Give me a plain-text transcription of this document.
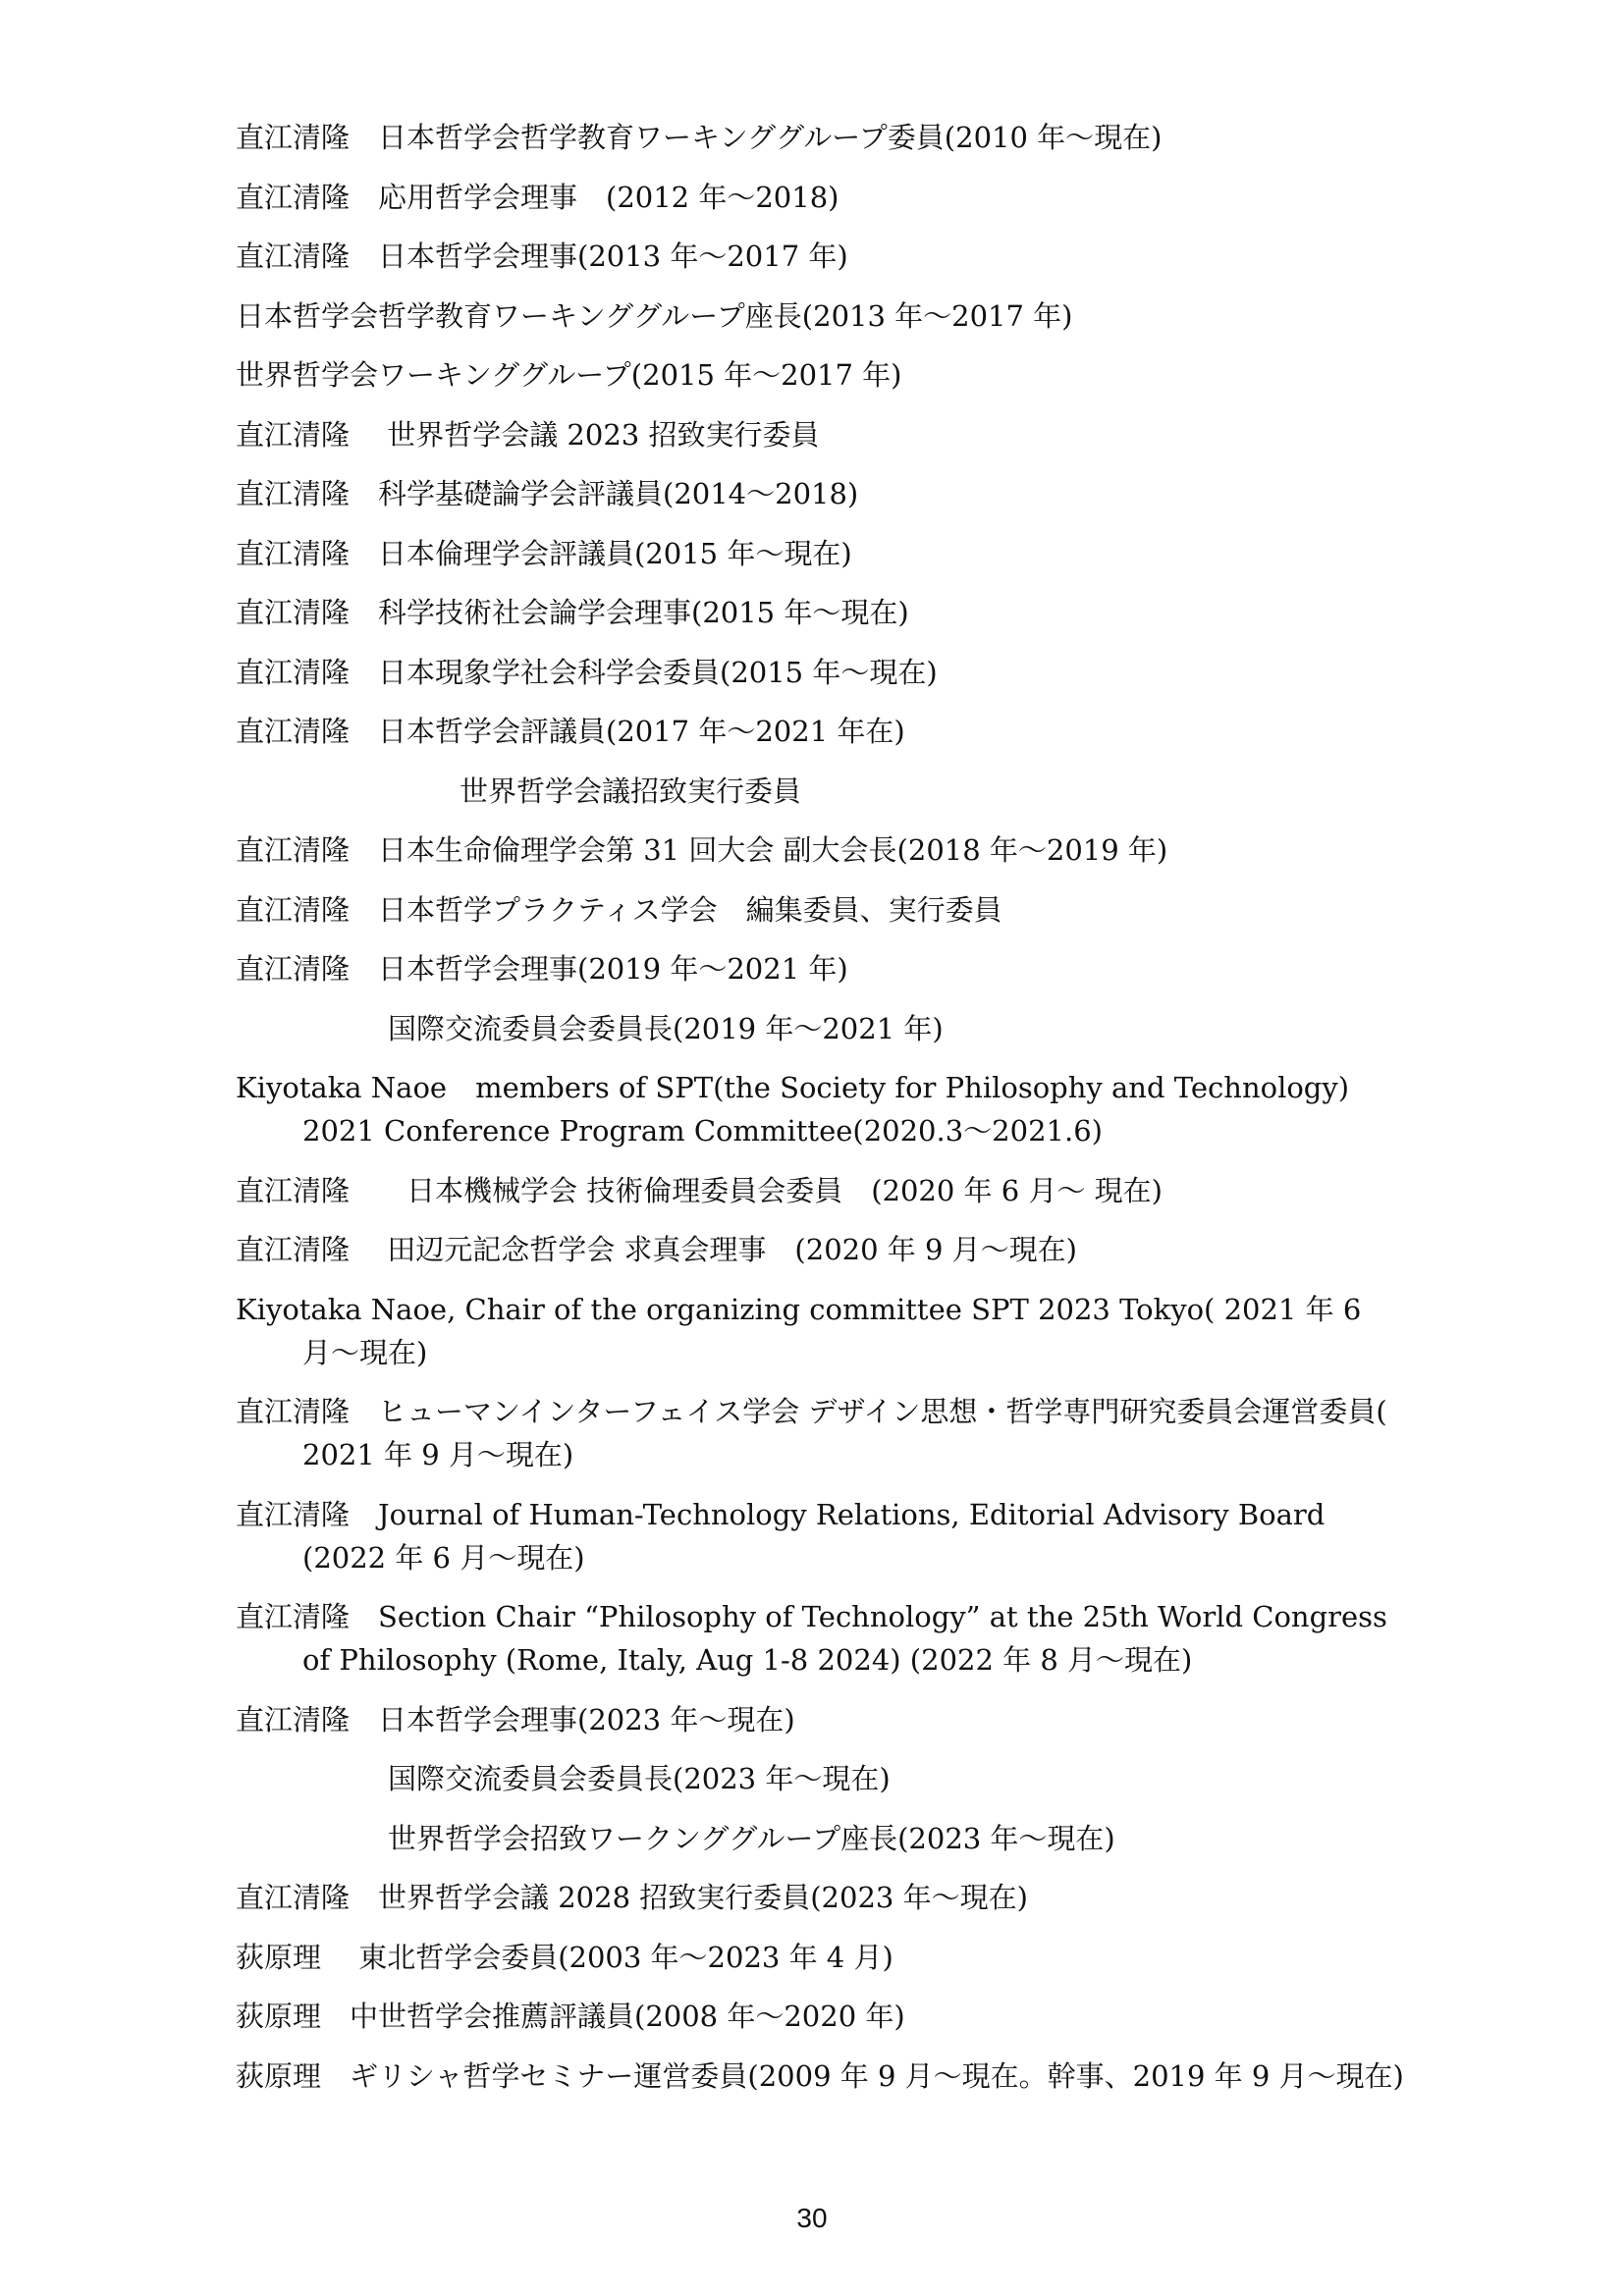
直江清隆　日本哲学会哲学教育ワーキンググループ委員(2010 年〜現在)
直江清隆　応用哲学会理事　(2012 年〜2018)
直江清隆　日本哲学会理事(2013 年〜2017 年)
日本哲学会哲学教育ワーキンググループ座長(2013 年〜2017 年)
世界哲学会ワーキンググループ(2015 年〜2017 年)
直江清隆　 世界哲学会議 2023 招致実行委員
直江清隆　科学基礎論学会評議員(2014〜2018)
直江清隆　日本倫理学会評議員(2015 年〜現在)
直江清隆　科学技術社会論学会理事(2015 年〜現在)
直江清隆　日本現象学社会科学会委員(2015 年〜現在)
直江清隆　日本哲学会評議員(2017 年〜2021 年在)
世界哲学会議招致実行委員
直江清隆　日本生命倫理学会第 31 回大会 副大会長(2018 年〜2019 年)
直江清隆　日本哲学プラクティス学会　編集委員、実行委員
直江清隆　日本哲学会理事(2019 年〜2021 年)
国際交流委員会委員長(2019 年〜2021 年)
Kiyotaka Naoe　members of SPT(the Society for Philosophy and Technology) 2021 Conference Program Committee(2020.3〜2021.6)
直江清隆　　日本機械学会 技術倫理委員会委員　(2020 年 6 月〜 現在)
直江清隆　 田辺元記念哲学会 求真会理事　(2020 年 9 月〜現在)
Kiyotaka Naoe, Chair of the organizing committee SPT 2023 Tokyo( 2021 年 6 月〜現在)
直江清隆　ヒューマンインターフェイス学会 デザイン思想・哲学専門研究委員会運営委員( 2021 年 9 月〜現在)
直江清隆　Journal of Human-Technology Relations, Editorial Advisory Board (2022 年 6 月〜現在)
直江清隆　Section Chair “Philosophy of Technology” at the 25th World Congress of Philosophy (Rome, Italy, Aug 1-8 2024) (2022 年 8 月〜現在)
直江清隆　日本哲学会理事(2023 年〜現在)
国際交流委員会委員長(2023 年〜現在)
世界哲学会招致ワークンググループ座長(2023 年〜現在)
直江清隆　世界哲学会議 2028 招致実行委員(2023 年〜現在)
荻原理　 東北哲学会委員(2003 年〜2023 年 4 月)
荻原理　中世哲学会推薦評議員(2008 年〜2020 年)
荻原理　ギリシャ哲学セミナー運営委員(2009 年 9 月〜現在。幹事、2019 年 9 月〜現在)
30
